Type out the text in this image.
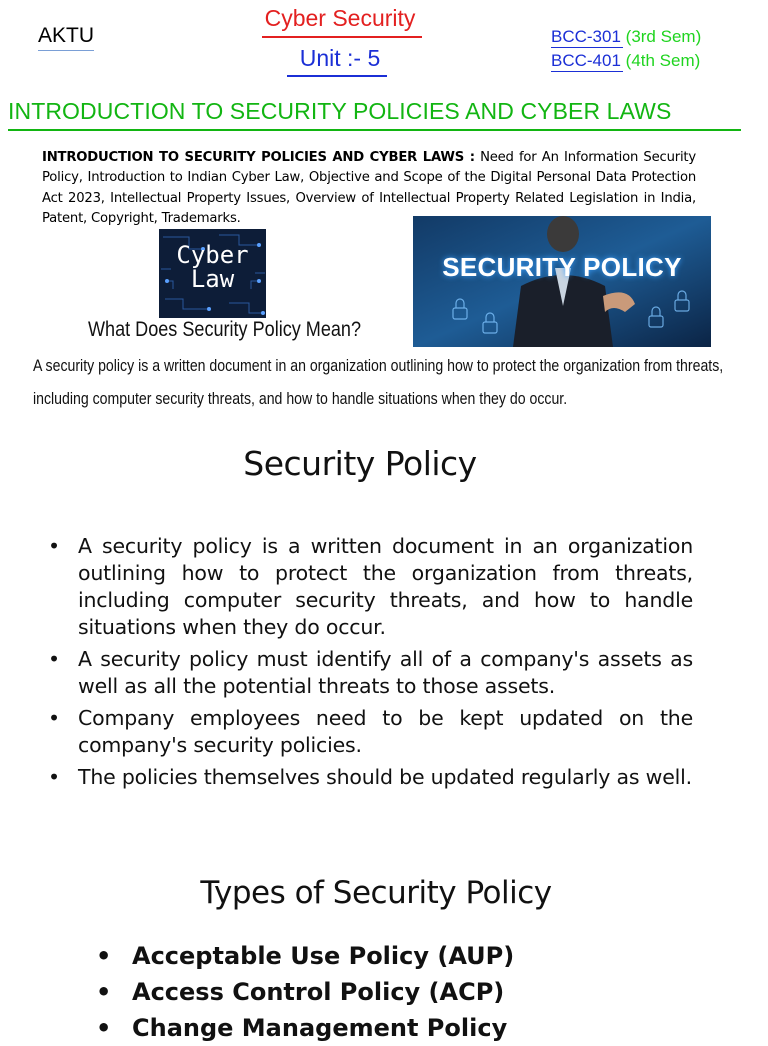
AKTU
Cyber Security
Unit :- 5
BCC-301 (3rd Sem)
BCC-401 (4th Sem)
INTRODUCTION TO SECURITY POLICIES AND CYBER LAWS
INTRODUCTION TO SECURITY POLICIES AND CYBER LAWS : Need for An Information Security Policy, Introduction to Indian Cyber Law, Objective and Scope of the Digital Personal Data Protection Act 2023, Intellectual Property Issues, Overview of Intellectual Property Related Legislation in India, Patent, Copyright, Trademarks.
Cyber
Law	SECURITY POLICY
What Does Security Policy Mean?
A security policy is a written document in an organization outlining how to protect the organization from threats,
including computer security threats, and how to handle situations when they do occur.
Security Policy
• A security policy is a written document in an organization outlining how to protect the organization from threats, including computer security threats, and how to handle situations when they do occur.
• A security policy must identify all of a company's assets as well as all the potential threats to those assets.
• Company employees need to be kept updated on the company's security policies.
• The policies themselves should be updated regularly as well.
Types of Security Policy
• Acceptable Use Policy (AUP)
• Access Control Policy (ACP)
• Change Management Policy
